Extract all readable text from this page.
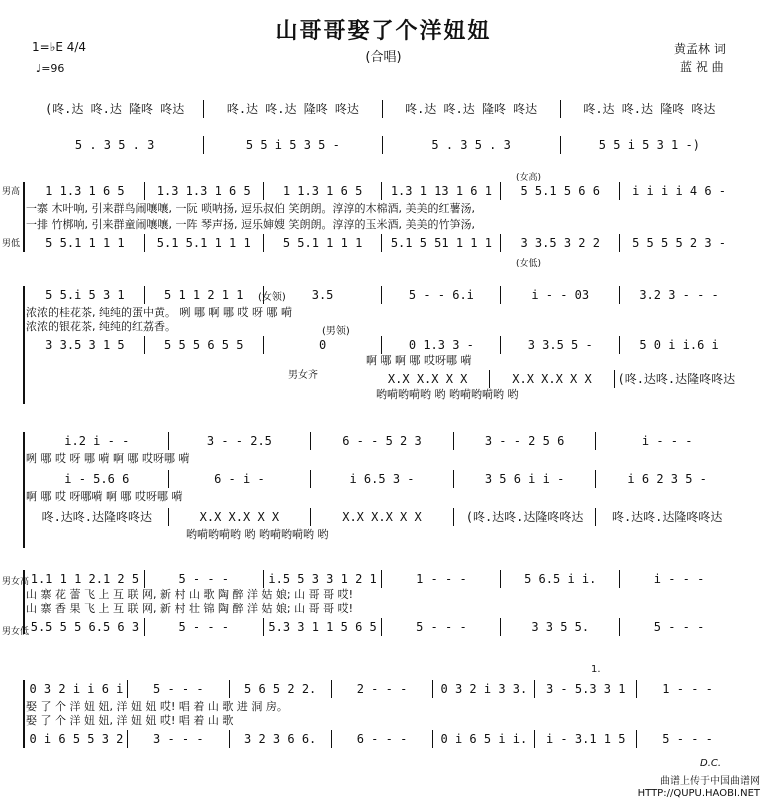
山哥哥娶了个洋妞妞
(合唱)
1=♭E 4/4
♩=96
黄孟林 词
蓝 祝 曲
(咚.达 咚.达 隆咚 咚达	咚.达 咚.达 隆咚 咚达	咚.达 咚.达 隆咚 咚达	咚.达 咚.达 隆咚 咚达
5 . 3 5 . 3	5 5 i 5 3 5 -	5 . 3 5 . 3	5 5 i 5 3 1 -)
男高
男低
(女高)
1 1.3 1 6 5	1.3 1.3 1 6 5	1 1.3 1 6 5	1.3 1 13 1 6 1	5 5.1 5 6 6	i i i i 4 6 -
一寨 木叶响, 引来群鸟闹嚷嚷, 一阮 唢呐扬, 逗乐叔伯 笑朗朗。淳淳的木棉酒, 美美的红薯汤,
一排 竹梆响, 引来群童闹嚷嚷, 一阵 琴声扬, 逗乐婶嫂 笑朗朗。淳淳的玉米酒, 美美的竹笋汤,
5 5.1 1 1 1	5.1 5.1 1 1 1	5 5.1 1 1 1	5.1 5 51 1 1 1	3 3.5 3 2 2	5 5 5 5 2 3 -
(女低)
(女领)
(男领)
男女齐
5 5.i 5 3 1	5 1 1 2 1 1	3.5	5 - - 6.i	i - - 03	3.2 3 - - -
浓浓的桂花茶, 纯纯的蛋中黄。 咧 哪 啊 哪 哎 呀 哪 嗬
浓浓的银花茶, 纯纯的红荔香。
3 3.5 3 1 5	5 5 5 6 5 5	0	0 1.3 3 -	3 3.5 5 -	5 0 i i.6 i
啊 哪 啊 哪 哎呀哪 嗬
X.X X.X X X	X.X X.X X X	(咚.达咚.达隆咚咚达
哟嗬哟嗬哟 哟 哟嗬哟嗬哟 哟
i.2 i - -	3 - - 2.5	6 - - 5 2 3	3 - - 2 5 6	i - - -
咧 哪 哎 呀 哪 嗬 啊 哪 哎呀哪 嗬
i - 5.6 6	6 - i -	i 6.5 3 -	3 5 6 i i -	i 6 2 3 5 -
啊 哪 哎 呀哪嗬 啊 哪 哎呀哪 嗬
咚.达咚.达隆咚咚达	X.X X.X X X	X.X X.X X X	(咚.达咚.达隆咚咚达	咚.达咚.达隆咚咚达
哟嗬哟嗬哟 哟 哟嗬哟嗬哟 哟
男女高
男女低
1.1 1 1 2.1 2 5	5 - - -	i.5 5 3 3 1 2 1	1 - - -	5 6.5 i i.	i - - -
山 寨 花 蕾 飞 上 互 联 网, 新 村 山 歌 陶 醉 洋 姑 娘; 山 哥 哥 哎!
山 寨 香 果 飞 上 互 联 网, 新 村 壮 锦 陶 醉 洋 姑 娘; 山 哥 哥 哎!
5.5 5 5 6.5 6 3	5 - - -	5.3 3 1 1 5 6 5	5 - - -	3 3 5 5.	5 - - -
1.
0 3 2 i i 6 i	5 - - -	5 6 5 2 2.	2 - - -	0 3 2 i 3 3.	3 - 5.3 3 1	1 - - -
娶 了 个 洋 妞 妞, 洋 妞 妞 哎! 唱 着 山 歌 进 洞 房。
娶 了 个 洋 妞 妞, 洋 妞 妞 哎! 唱 着 山 歌
0 i 6 5 5 3 2	3 - - -	3 2 3 6 6.	6 - - -	0 i 6 5 i i.	i - 3.1 1 5	5 - - -
D.C.
曲谱上传于中国曲谱网
HTTP://QUPU.HAOBI.NET
